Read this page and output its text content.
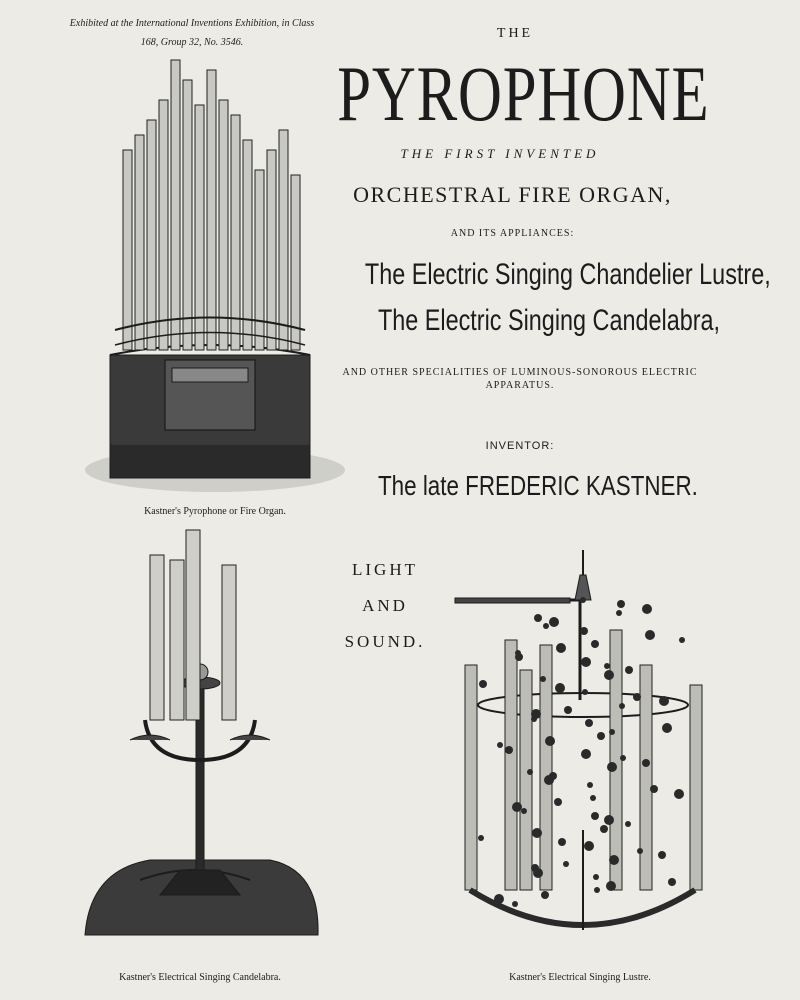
Exhibited at the International Inventions Exhibition, in Class 168, Group 32, No. 3546.

THE

PYROPHONE

THE FIRST INVENTED

ORCHESTRAL FIRE ORGAN,

AND ITS APPLIANCES:

The Electric Singing Chandelier Lustre,

The Electric Singing Candelabra,

AND OTHER SPECIALITIES OF LUMINOUS-SONOROUS ELECTRIC APPARATUS.

INVENTOR:

The late FREDERIC KASTNER.

LIGHT
AND
SOUND.

Kastner's Pyrophone or Fire Organ.

Kastner's Electrical Singing Candelabra.	Kastner's Electrical Singing Lustre.
